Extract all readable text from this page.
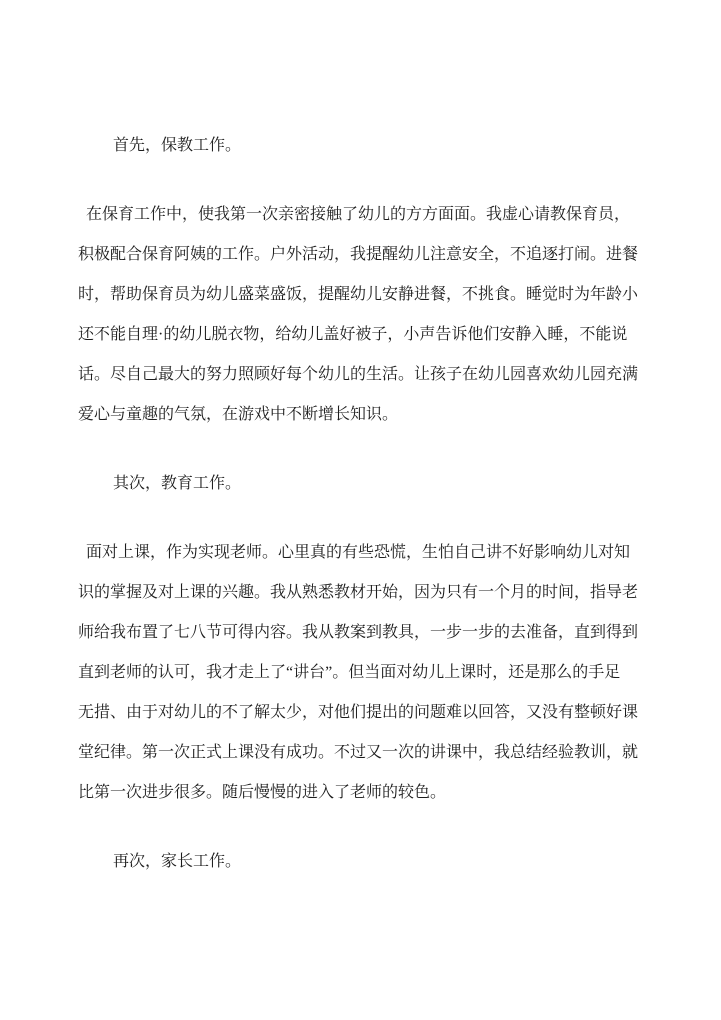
首先，保教工作。
在保育工作中，使我第一次亲密接触了幼儿的方方面面。我虚心请教保育员，
积极配合保育阿姨的工作。户外活动，我提醒幼儿注意安全，不追逐打闹。进餐
时，帮助保育员为幼儿盛菜盛饭，提醒幼儿安静进餐，不挑食。睡觉时为年龄小
还不能自理·的幼儿脱衣物，给幼儿盖好被子，小声告诉他们安静入睡，不能说
话。尽自己最大的努力照顾好每个幼儿的生活。让孩子在幼儿园喜欢幼儿园充满
爱心与童趣的气氛，在游戏中不断增长知识。
其次，教育工作。
面对上课，作为实现老师。心里真的有些恐慌，生怕自己讲不好影响幼儿对知
识的掌握及对上课的兴趣。我从熟悉教材开始，因为只有一个月的时间，指导老
师给我布置了七八节可得内容。我从教案到教具，一步一步的去准备，直到得到
直到老师的认可，我才走上了“讲台”。但当面对幼儿上课时，还是那么的手足
无措、由于对幼儿的不了解太少，对他们提出的问题难以回答，又没有整顿好课
堂纪律。第一次正式上课没有成功。不过又一次的讲课中，我总结经验教训，就
比第一次进步很多。随后慢慢的进入了老师的较色。
再次，家长工作。
